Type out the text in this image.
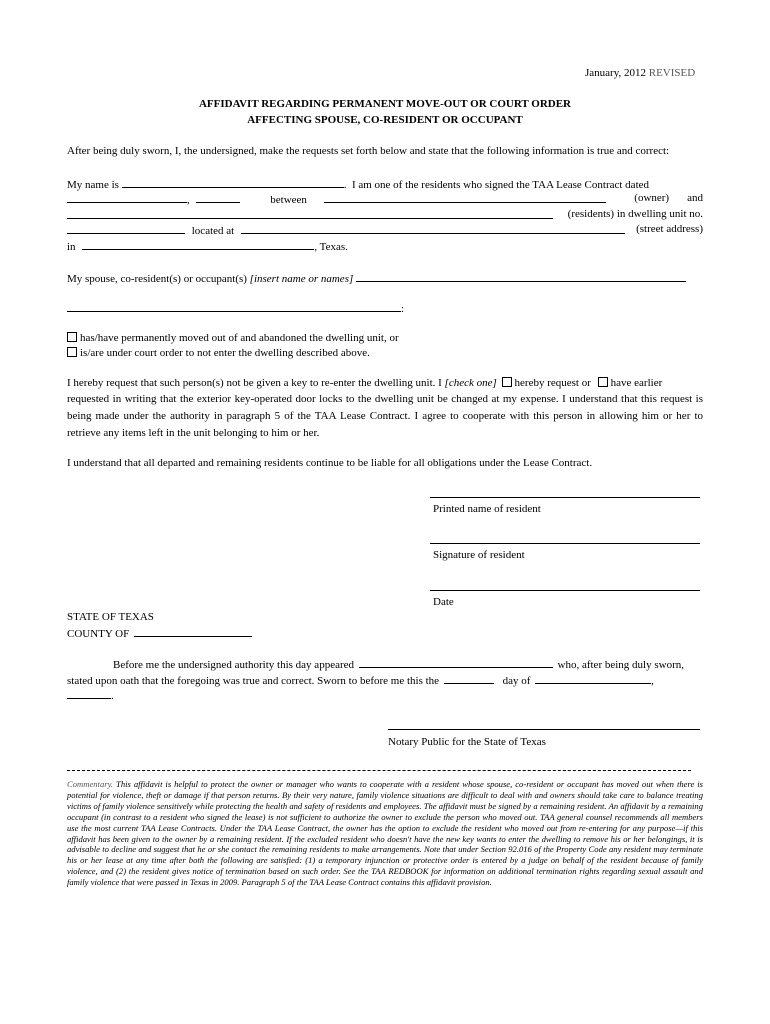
January, 2012 REVISED
AFFIDAVIT REGARDING PERMANENT MOVE-OUT OR COURT ORDER
AFFECTING SPOUSE, CO-RESIDENT OR OCCUPANT
After being duly sworn, I, the undersigned, make the requests set forth below and state that the following information is true and correct:
My name is	.  I am one of the residents who signed the TAA Lease Contract dated
,	between	(owner) and
(residents) in dwelling unit no.
located at	(street address)
in	, Texas.
My spouse, co-resident(s) or occupant(s) [insert name or names]
:
has/have permanently moved out of and abandoned the dwelling unit, or
is/are under court order to not enter the dwelling described above.
I hereby request that such person(s) not be given a key to re-enter the dwelling unit. I [check one] hereby request or have earlier
requested in writing that the exterior key-operated door locks to the dwelling unit be changed at my expense. I understand that this request is being made under the authority in paragraph 5 of the TAA Lease Contract. I agree to cooperate with this person in allowing him or her to retrieve any items left in the unit belonging to him or her.
I understand that all departed and remaining residents continue to be liable for all obligations under the Lease Contract.
Printed name of resident
Signature of resident
Date
STATE OF TEXAS
COUNTY OF
Before me the undersigned authority this day appeared	who, after being duly sworn,
stated upon oath that the foregoing was true and correct. Sworn to before me this the	day of	,
.
Notary Public for the State of Texas
Commentary. This affidavit is helpful to protect the owner or manager who wants to cooperate with a resident whose spouse, co-resident or occupant has moved out when there is potential for violence, theft or damage if that person returns. By their very nature, family violence situations are difficult to deal with and owners should take care to balance treating victims of family violence sensitively while protecting the health and safety of residents and employees. The affidavit must be signed by a remaining resident. An affidavit by a remaining occupant (in contrast to a resident who signed the lease) is not sufficient to authorize the owner to exclude the person who moved out. TAA general counsel recommends all members use the most current TAA Lease Contracts. Under the TAA Lease Contract, the owner has the option to exclude the resident who moved out from re-entering for any purpose—if this affidavit has been given to the owner by a remaining resident. If the excluded resident who doesn't have the new key wants to enter the dwelling to remove his or her belongings, it is advisable to decline and suggest that he or she contact the remaining residents to make arrangements. Note that under Section 92.016 of the Property Code any resident may terminate his or her lease at any time after both the following are satisfied: (1) a temporary injunction or protective order is entered by a judge on behalf of the resident because of family violence, and (2) the resident gives notice of termination based on such order. See the TAA REDBOOK for information on additional termination rights regarding sexual assault and family violence that were passed in Texas in 2009. Paragraph 5 of the TAA Lease Contract contains this affidavit provision.
